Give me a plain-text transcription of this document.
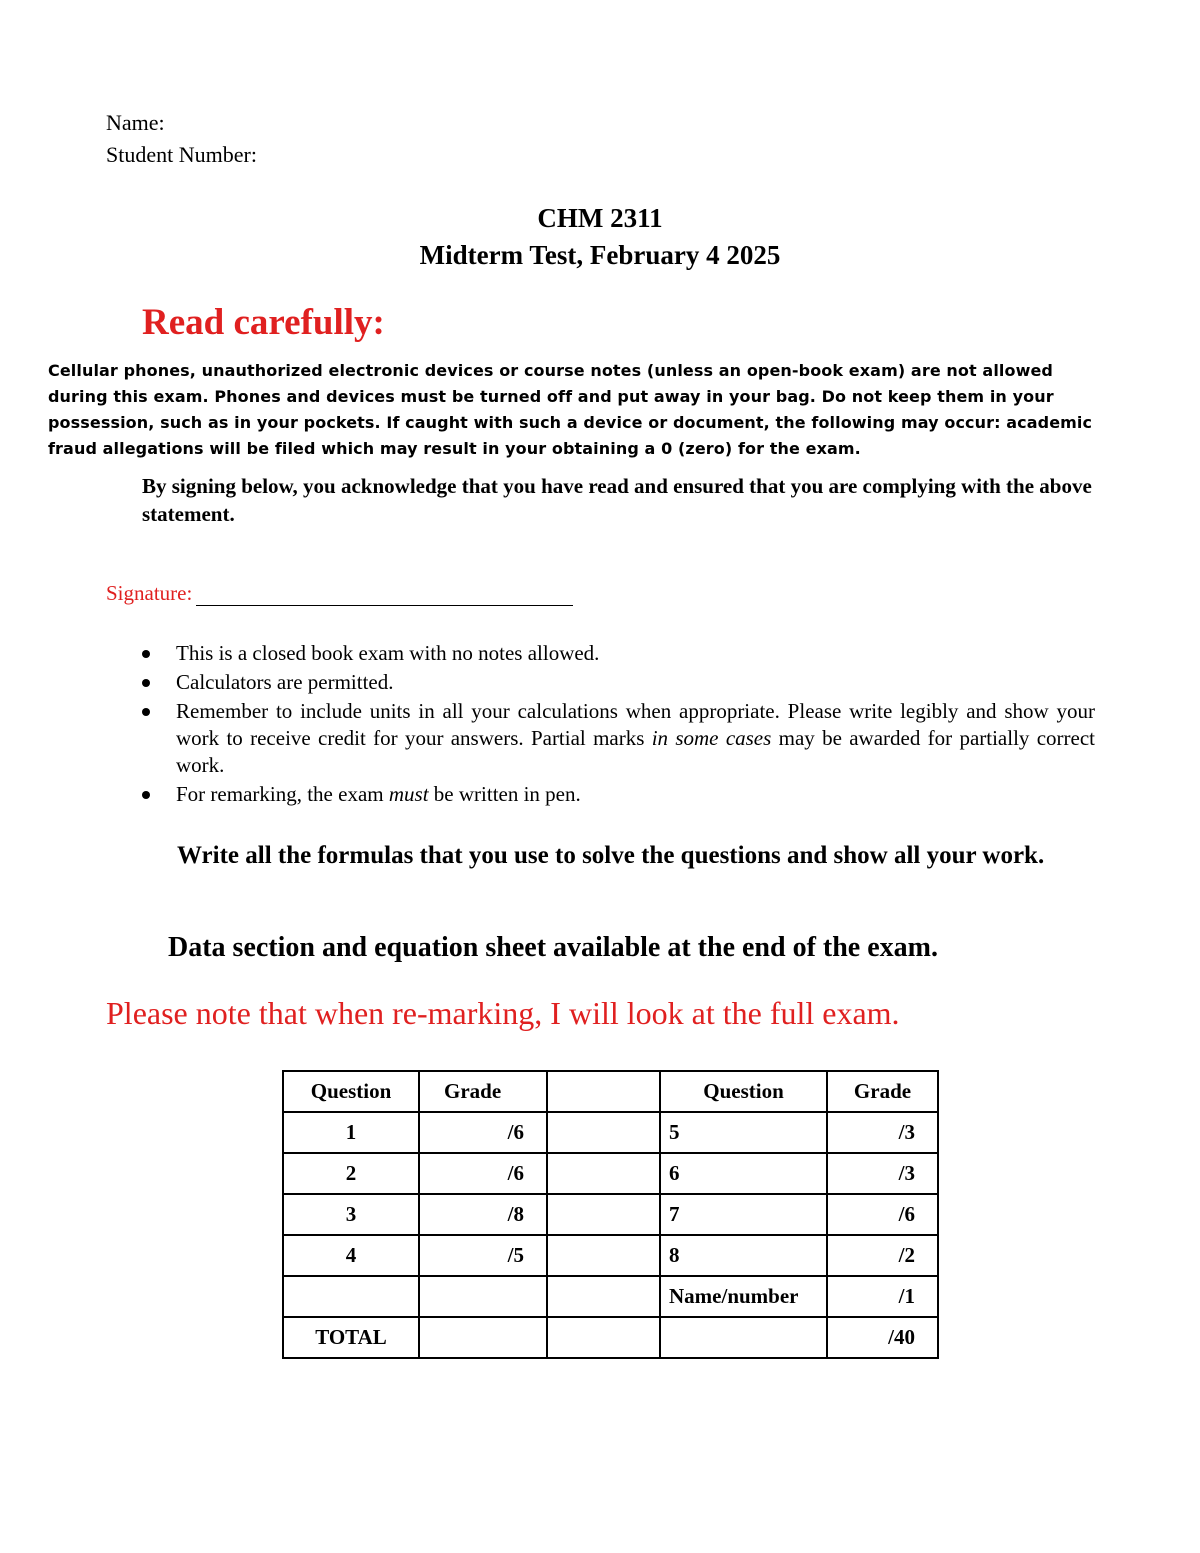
Name:
Student Number:
CHM 2311
Midterm Test, February 4 2025
Read carefully:
Cellular phones, unauthorized electronic devices or course notes (unless an open-book exam) are not allowed during this exam. Phones and devices must be turned off and put away in your bag. Do not keep them in your possession, such as in your pockets. If caught with such a device or document, the following may occur: academic fraud allegations will be filed which may result in your obtaining a 0 (zero) for the exam.
By signing below, you acknowledge that you have read and ensured that you are complying with the above statement.
Signature:
This is a closed book exam with no notes allowed.
Calculators are permitted.
Remember to include units in all your calculations when appropriate. Please write legibly and show your work to receive credit for your answers. Partial marks in some cases may be awarded for partially correct work.
For remarking, the exam must be written in pen.
Write all the formulas that you use to solve the questions and show all your work.
Data section and equation sheet available at the end of the exam.
Please note that when re-marking, I will look at the full exam.
Question	Grade		Question	Grade
1	/6		5	/3
2	/6		6	/3
3	/8		7	/6
4	/5		8	/2
			Name/number	/1
TOTAL				/40
